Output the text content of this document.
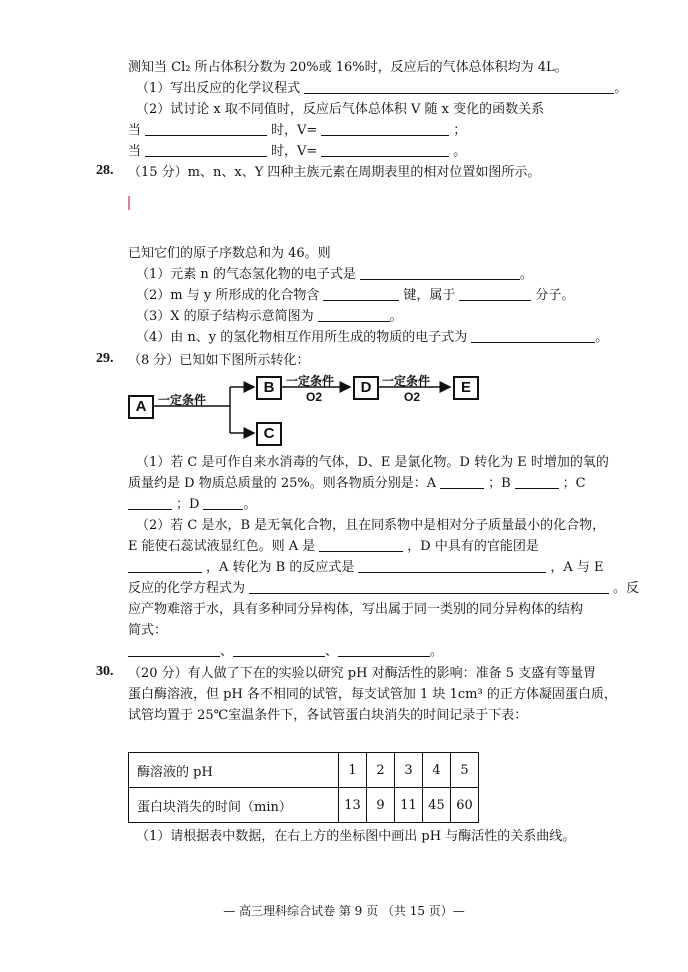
测知当 Cl₂ 所占体积分数为 20%或 16%时，反应后的气体总体积均为 4L。
（1）写出反应的化学议程式	。
（2）试讨论 x 取不同值时，反应后气体总体积 V 随 x 变化的函数关系
当	时，V=	；
当	时，V=	。
28. （15 分）m、n、x、Y 四种主族元素在周期表里的相对位置如图所示。
已知它们的原子序数总和为 46。则
（1）元素 n 的气态氢化物的电子式是	。
（2）m 与 y 所形成的化合物含	键，属于	分子。
（3）X 的原子结构示意简图为	。
（4）由 n、y 的氢化物相互作用所生成的物质的电子式为	。
29. （8 分）已知如下图所示转化：
A
B
C
D	E
一定条件
一定条件	一定条件
O2	O2
（1）若 C 是可作自来水消毒的气体，D、E 是氯化物。D 转化为 E 时增加的氧的
质量约是 D 物质总质量的 25%。则各物质分别是：A	；B	；C
；D	。
（2）若 C 是水，B 是无氧化合物，且在同系物中是相对分子质量最小的化合物，
E 能使石蕊试液显红色。则 A 是	，D 中具有的官能团是
，A 转化为 B 的反应式是	，A 与 E
反应的化学方程式为	。反
应产物难溶于水，具有多种同分异构体，写出属于同一类别的同分异构体的结构
简式：
、	、	。
30. （20 分）有人做了下在的实验以研究 pH 对酶活性的影响：准备 5 支盛有等量胃
蛋白酶溶液，但 pH 各不相同的试管，每支试管加 1 块 1cm³ 的正方体凝固蛋白质，
试管均置于 25℃室温条件下，各试管蛋白块消失的时间记录于下表：
酶溶液的 pH	1	2	3	4	5
蛋白块消失的时间（min）	13	9	11	45	60
（1）请根据表中数据，在右上方的坐标图中画出 pH 与酶活性的关系曲线。
— 高三理科综合试卷 第 9 页 （共 15 页）—
